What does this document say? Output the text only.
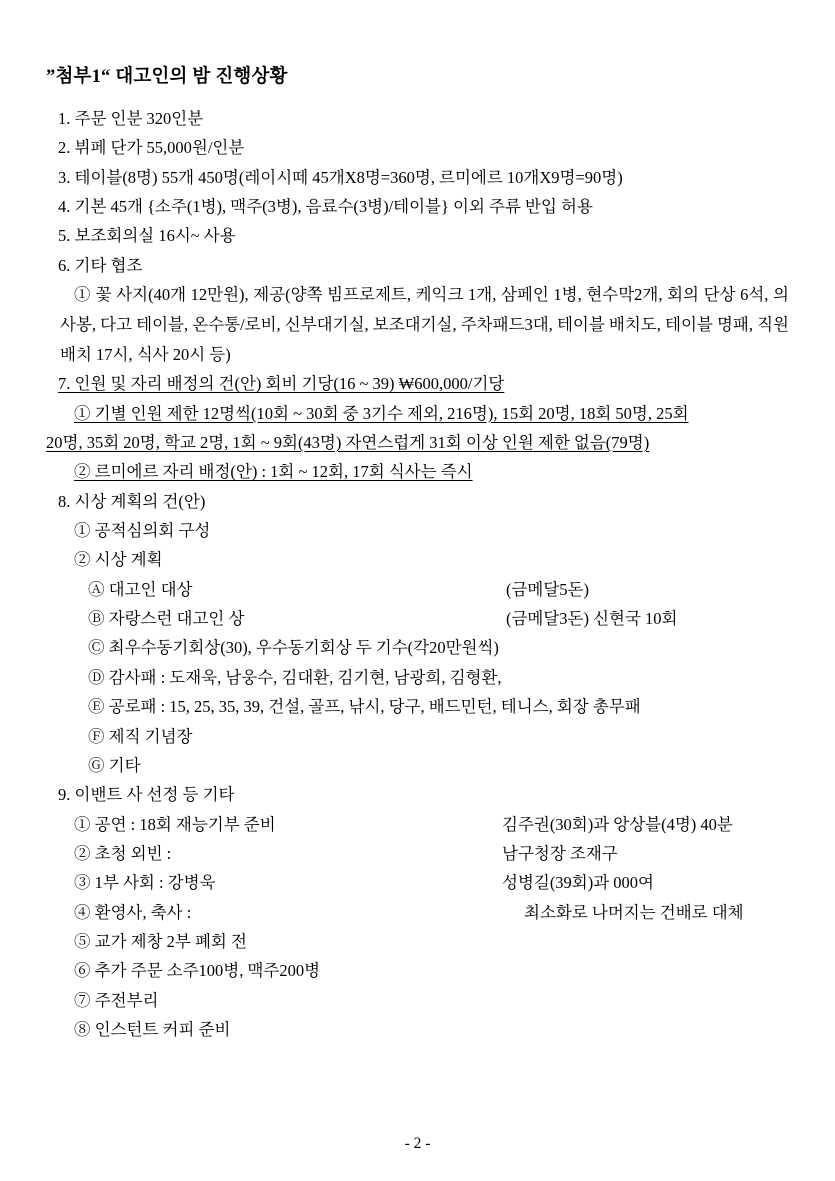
”첨부1“ 대고인의 밤 진행상황
1. 주문 인분 320인분
2. 뷔페 단가 55,000원/인분
3. 테이블(8명) 55개 450명(레이시떼 45개X8명=360명, 르미에르 10개X9명=90명)
4. 기본 45개 {소주(1병), 맥주(3병), 음료수(3병)/테이블} 이외 주류 반입 허용
5. 보조회의실 16시~ 사용
6. 기타 협조
① 꽃 사지(40개 12만원), 제공(양쪽 빔프로제트, 케익크 1개, 삼페인 1병, 현수막2개, 회의 단상 6석, 의사봉, 다고 테이블, 온수통/로비, 신부대기실, 보조대기실, 주차패드3대, 테이블 배치도, 테이블 명패, 직원배치 17시, 식사 20시 등)
7. 인원 및 자리 배정의 건(안) 회비 기당(16 ~ 39) ₩600,000/기당
① 기별 인원 제한 12명씩(10회 ~ 30회 중 3기수 제외, 216명), 15회 20명, 18회 50명, 25회
20명, 35회 20명, 학교 2명, 1회 ~ 9회(43명) 자연스럽게 31회 이상 인원 제한 없음(79명)
② 르미에르 자리 배정(안) : 1회 ~ 12회, 17회 식사는 즉시
8. 시상 계획의 건(안)
① 공적심의회 구성
② 시상 계획
Ⓐ 대고인 대상	(금메달5돈)
Ⓑ 자랑스런 대고인 상	(금메달3돈) 신현국 10회
Ⓒ 최우수동기회상(30), 우수동기회상 두 기수(각20만원씩)
Ⓓ 감사패 : 도재욱, 남웅수, 김대환, 김기현, 남광희, 김형환,
Ⓔ 공로패 : 15, 25, 35, 39, 건설, 골프, 낚시, 당구, 배드민턴, 테니스, 회장 총무패
Ⓕ 제직 기념장
Ⓖ 기타
9. 이밴트 사 선정 등 기타
① 공연 : 18회 재능기부 준비	김주권(30회)과 앙상블(4명) 40분
② 초청 외빈 :	남구청장 조재구
③ 1부 사회 : 강병욱	성병길(39회)과 000여
④ 환영사, 축사 :	최소화로 나머지는 건배로 대체
⑤ 교가 제창 2부 폐회 전
⑥ 추가 주문 소주100병, 맥주200병
⑦ 주전부리
⑧ 인스턴트 커피 준비
- 2 -
